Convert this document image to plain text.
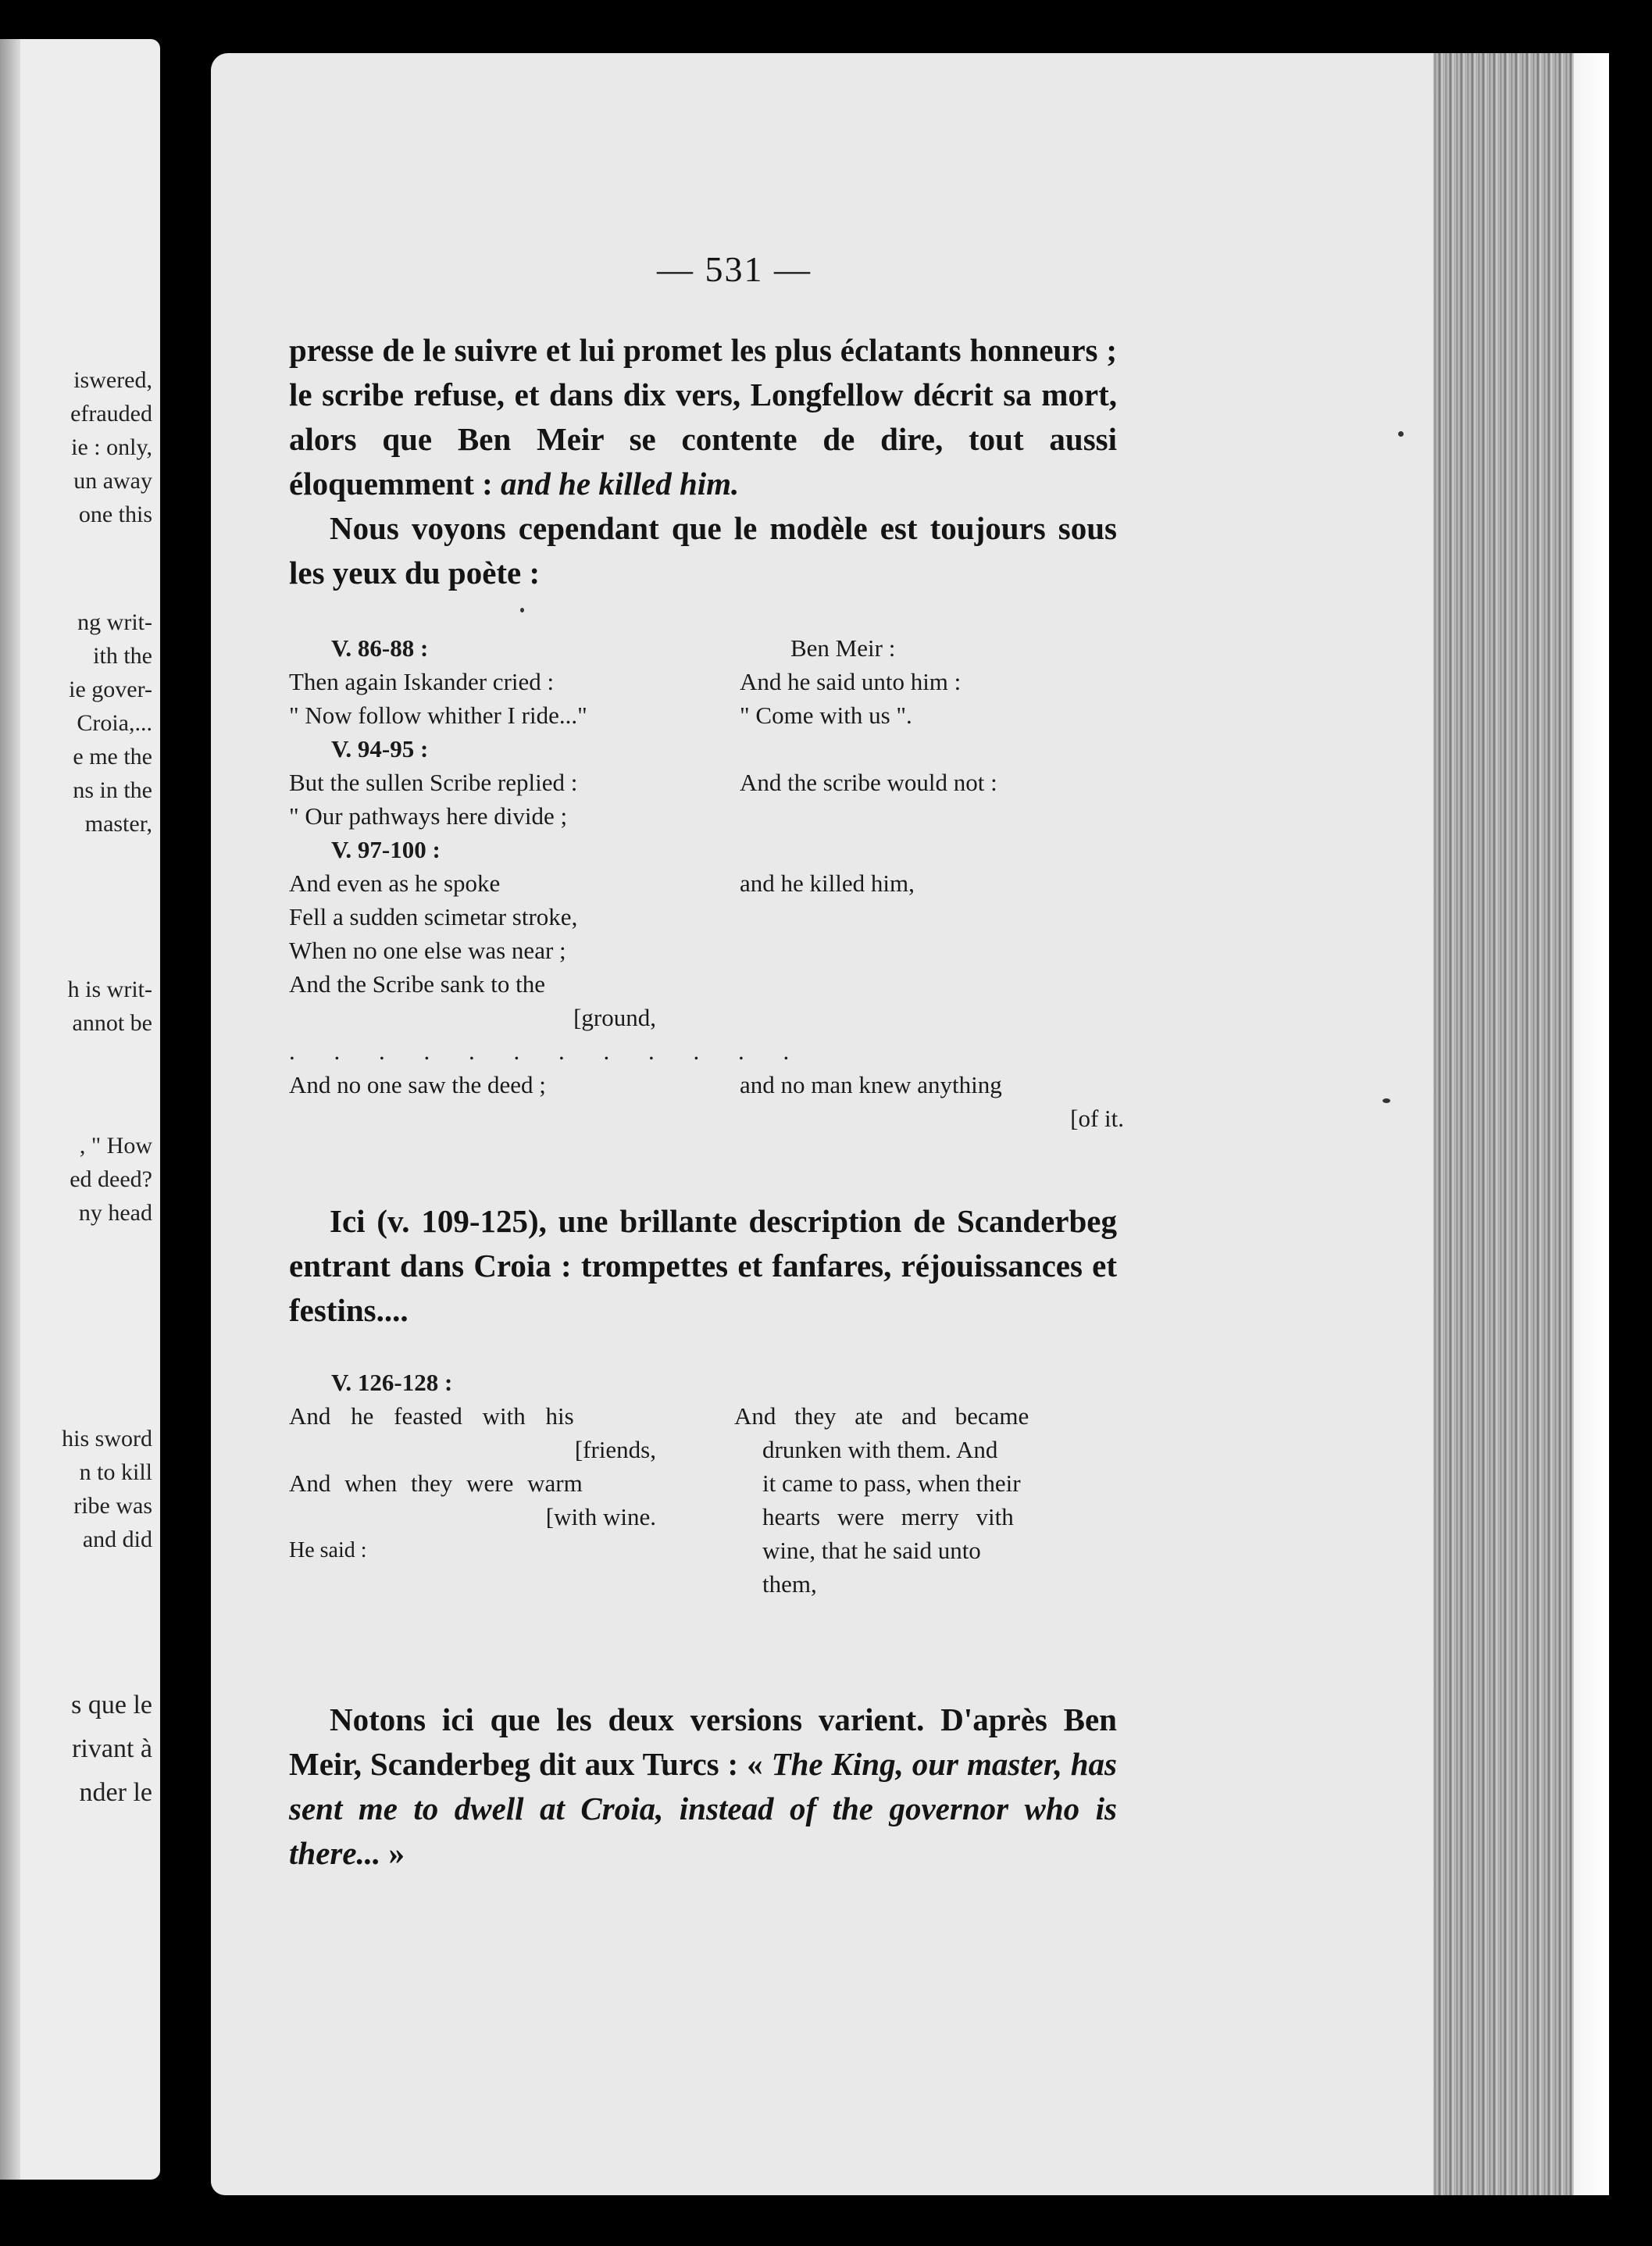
iswered,

efrauded

ie : only,

un away

one this

ng writ-

ith the

ie gover-

Croia,...

e me the

ns in the

master,

h is writ-

annot be

, " How

ed deed?

ny head

his sword

n to kill

ribe was

and did

s que le

rivant à

nder le

— 531 —

presse de le suivre et lui promet les plus éclatants honneurs ; le scribe refuse, et dans dix vers, Longfellow décrit sa mort, alors que Ben Meir se contente de dire, tout aussi éloquemment : and he killed him.

Nous voyons cependant que le modèle est toujours sous les yeux du poète :

V. 86-88 :
Then again Iskander cried :
" Now follow whither I ride..."
V. 94-95 :
But the sullen Scribe replied :
" Our pathways here divide ;
V. 97-100 :
And even as he spoke
Fell a sudden scimetar stroke,
When no one else was near ;
And the Scribe sank to the
[ground,
. . . . . . . . . . . .
And no one saw the deed ;
Ben Meir :
And he said unto him :
" Come with us ".
And the scribe would not :
and he killed him,
and no man knew anything
[of it.

Ici (v. 109-125), une brillante description de Scanderbeg entrant dans Croia : trompettes et fanfares, réjouissances et festins....

V. 126-128 :
And he feasted with his
[friends,
And when they were warm
[with wine.
He said :
And they ate and became
drunken with them. And
it came to pass, when their
hearts were merry vith
wine, that he said unto
them,

Notons ici que les deux versions varient. D'après Ben Meir, Scanderbeg dit aux Turcs : « The King, our master, has sent me to dwell at Croia, instead of the governor who is there... »
